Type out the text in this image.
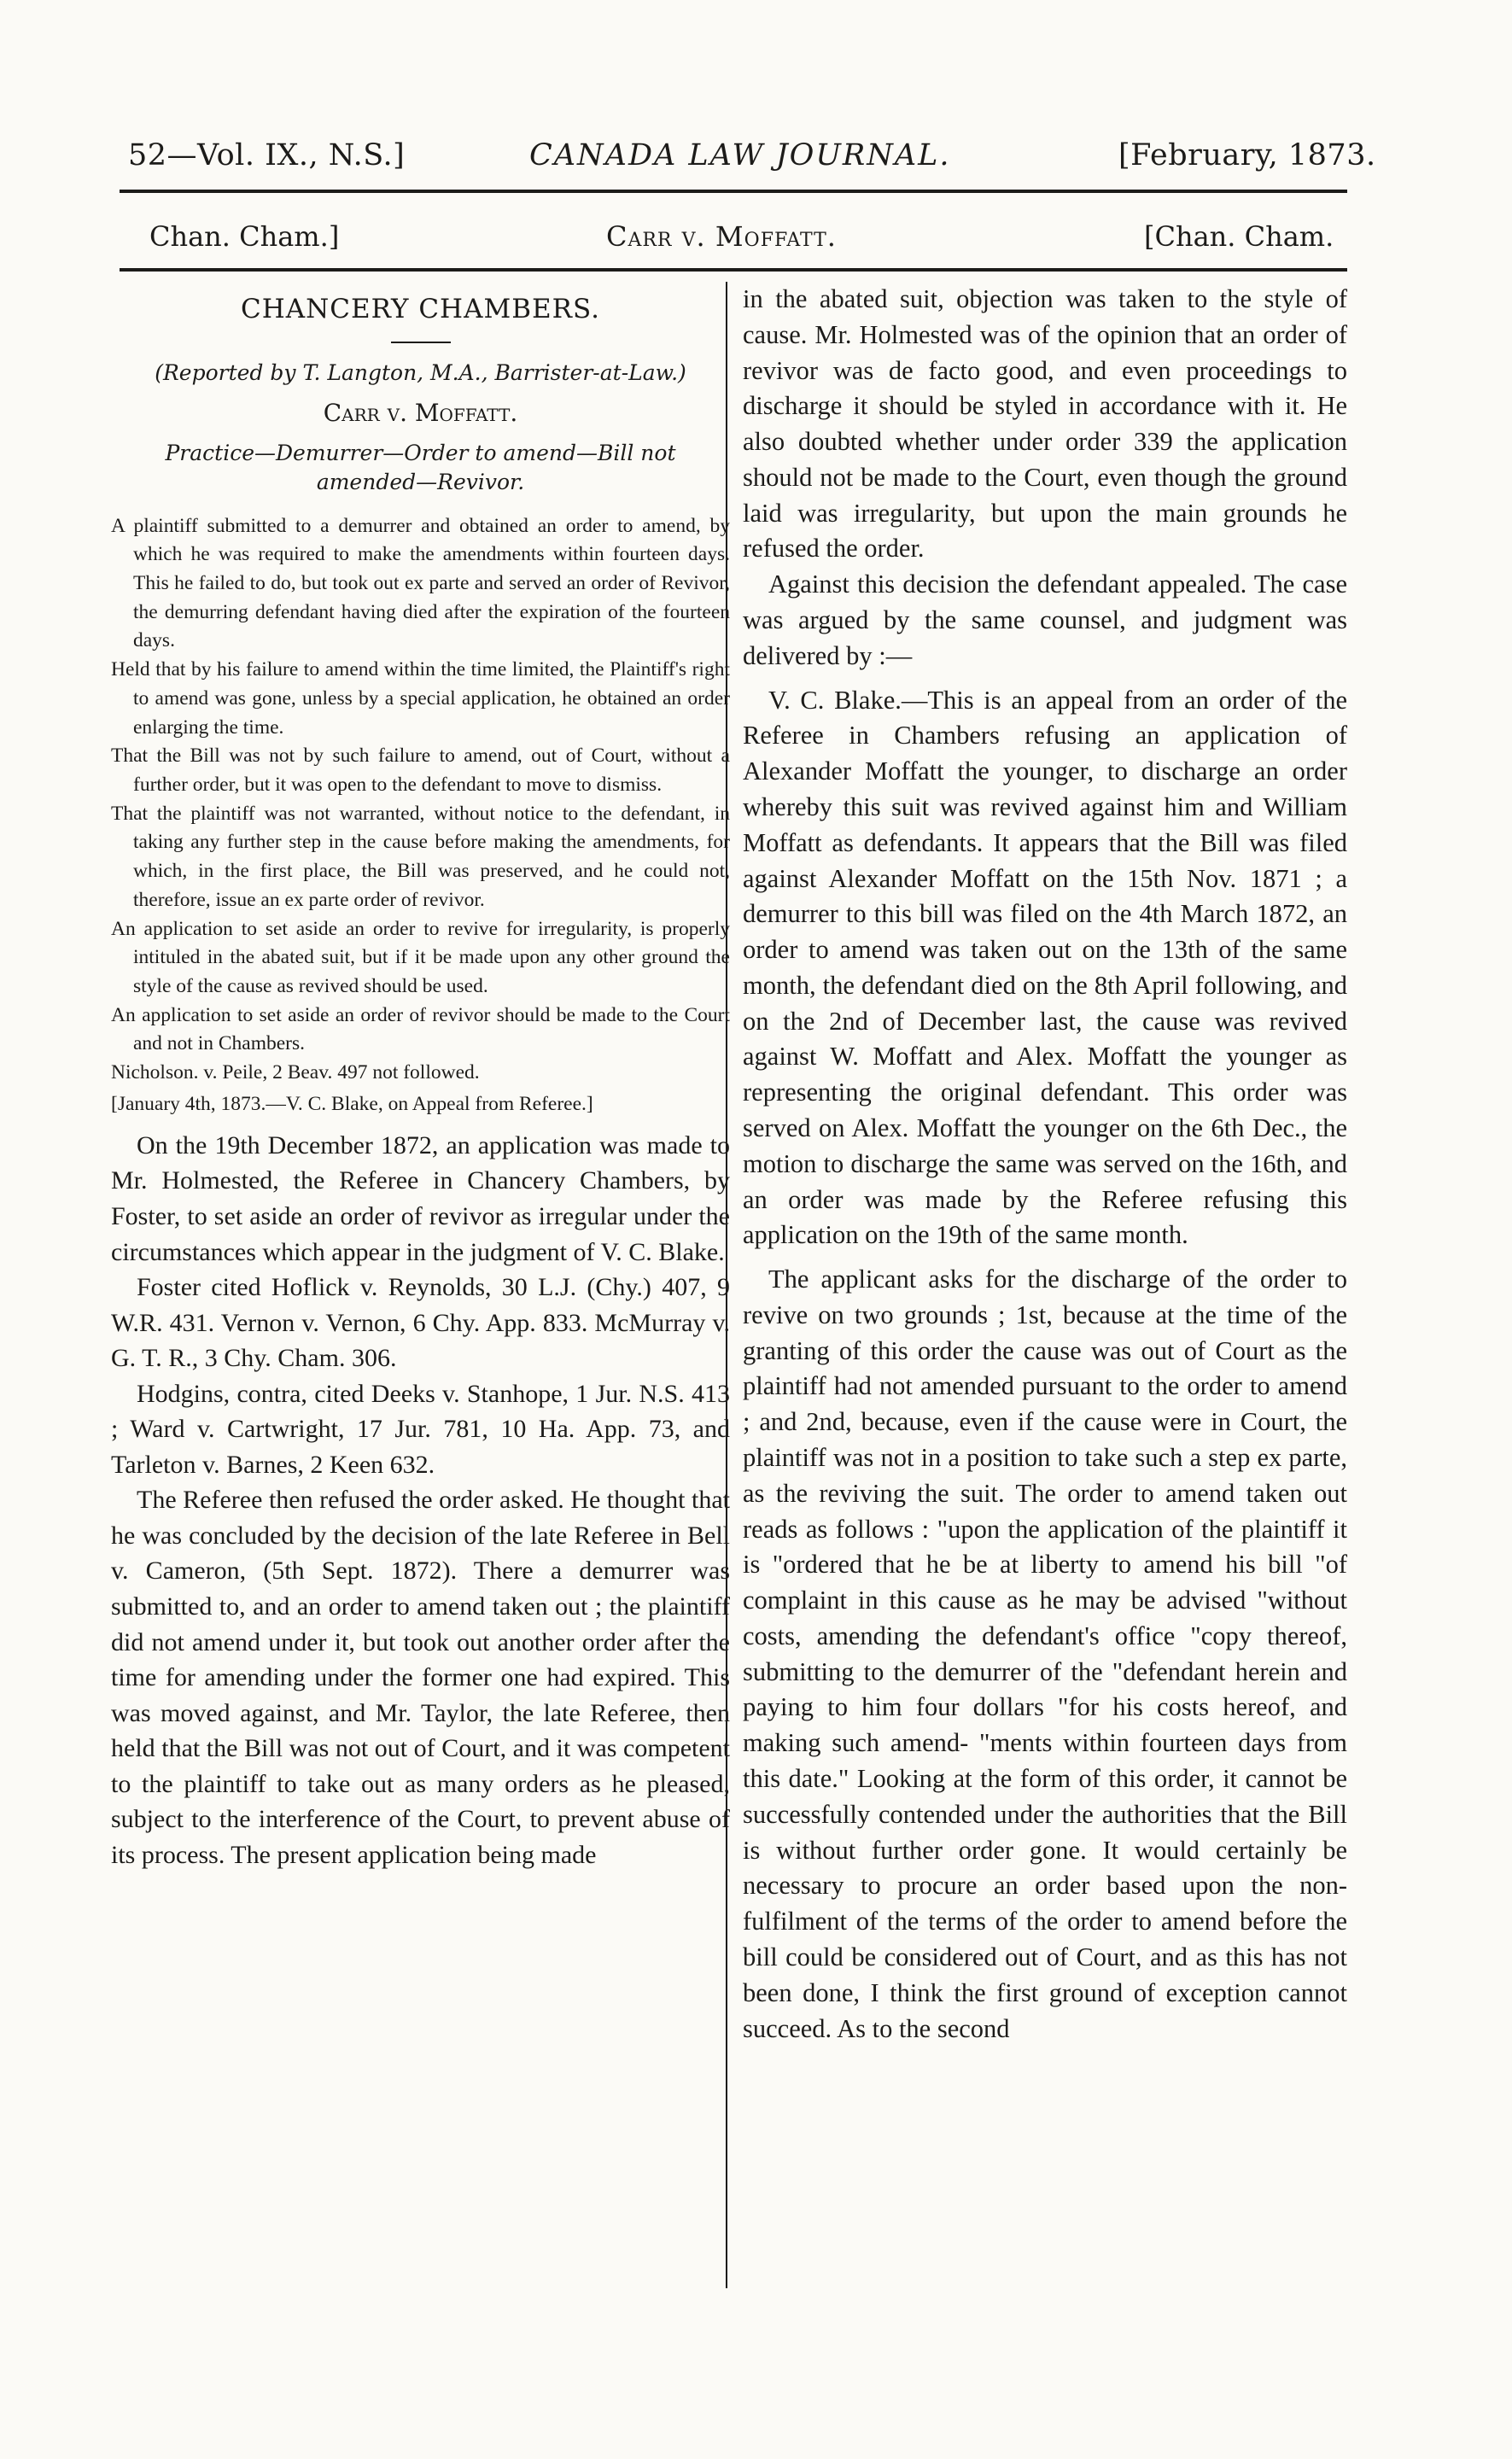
52—Vol. IX., N.S.]	CANADA LAW JOURNAL.	[February, 1873.
Chan. Cham.]	Carr v. Moffatt.	[Chan. Cham.
CHANCERY CHAMBERS.
(Reported by T. Langton, M.A., Barrister-at-Law.)
Carr v. Moffatt.
Practice—Demurrer—Order to amend—Bill not amended—Revivor.

A plaintiff submitted to a demurrer and obtained an order to amend, by which he was required to make the amendments within fourteen days. This he failed to do, but took out ex parte and served an order of Revivor, the demurring defendant having died after the expiration of the fourteen days.

Held that by his failure to amend within the time limited, the Plaintiff's right to amend was gone, unless by a special application, he obtained an order enlarging the time.

That the Bill was not by such failure to amend, out of Court, without a further order, but it was open to the defendant to move to dismiss.

That the plaintiff was not warranted, without notice to the defendant, in taking any further step in the cause before making the amendments, for which, in the first place, the Bill was preserved, and he could not, therefore, issue an ex parte order of revivor.

An application to set aside an order to revive for irregularity, is properly intituled in the abated suit, but if it be made upon any other ground the style of the cause as revived should be used.

An application to set aside an order of revivor should be made to the Court and not in Chambers.

Nicholson. v. Peile, 2 Beav. 497 not followed.

[January 4th, 1873.—V. C. Blake, on Appeal from Referee.]

On the 19th December 1872, an application was made to Mr. Holmested, the Referee in Chancery Chambers, by Foster, to set aside an order of revivor as irregular under the circumstances which appear in the judgment of V. C. Blake.

Foster cited Hoflick v. Reynolds, 30 L.J. (Chy.) 407, 9 W.R. 431. Vernon v. Vernon, 6 Chy. App. 833. McMurray v. G. T. R., 3 Chy. Cham. 306.

Hodgins, contra, cited Deeks v. Stanhope, 1 Jur. N.S. 413 ; Ward v. Cartwright, 17 Jur. 781, 10 Ha. App. 73, and Tarleton v. Barnes, 2 Keen 632.

The Referee then refused the order asked. He thought that he was concluded by the decision of the late Referee in Bell v. Cameron, (5th Sept. 1872). There a demurrer was submitted to, and an order to amend taken out ; the plaintiff did not amend under it, but took out another order after the time for amending under the former one had expired. This was moved against, and Mr. Taylor, the late Referee, then held that the Bill was not out of Court, and it was competent to the plaintiff to take out as many orders as he pleased, subject to the interference of the Court, to prevent abuse of its process. The present application being made

in the abated suit, objection was taken to the style of cause. Mr. Holmested was of the opinion that an order of revivor was de facto good, and even proceedings to discharge it should be styled in accordance with it. He also doubted whether under order 339 the application should not be made to the Court, even though the ground laid was irregularity, but upon the main grounds he refused the order.

Against this decision the defendant appealed. The case was argued by the same counsel, and judgment was delivered by :—

V. C. Blake.—This is an appeal from an order of the Referee in Chambers refusing an application of Alexander Moffatt the younger, to discharge an order whereby this suit was revived against him and William Moffatt as defendants. It appears that the Bill was filed against Alexander Moffatt on the 15th Nov. 1871 ; a demurrer to this bill was filed on the 4th March 1872, an order to amend was taken out on the 13th of the same month, the defendant died on the 8th April following, and on the 2nd of December last, the cause was revived against W. Moffatt and Alex. Moffatt the younger as representing the original defendant. This order was served on Alex. Moffatt the younger on the 6th Dec., the motion to discharge the same was served on the 16th, and an order was made by the Referee refusing this application on the 19th of the same month.

The applicant asks for the discharge of the order to revive on two grounds ; 1st, because at the time of the granting of this order the cause was out of Court as the plaintiff had not amended pursuant to the order to amend ; and 2nd, because, even if the cause were in Court, the plaintiff was not in a position to take such a step ex parte, as the reviving the suit. The order to amend taken out reads as follows : "upon the application of the plaintiff it is "ordered that he be at liberty to amend his bill "of complaint in this cause as he may be advised "without costs, amending the defendant's office "copy thereof, submitting to the demurrer of the "defendant herein and paying to him four dollars "for his costs hereof, and making such amend- "ments within fourteen days from this date." Looking at the form of this order, it cannot be successfully contended under the authorities that the Bill is without further order gone. It would certainly be necessary to procure an order based upon the non-fulfilment of the terms of the order to amend before the bill could be considered out of Court, and as this has not been done, I think the first ground of exception cannot succeed. As to the second
